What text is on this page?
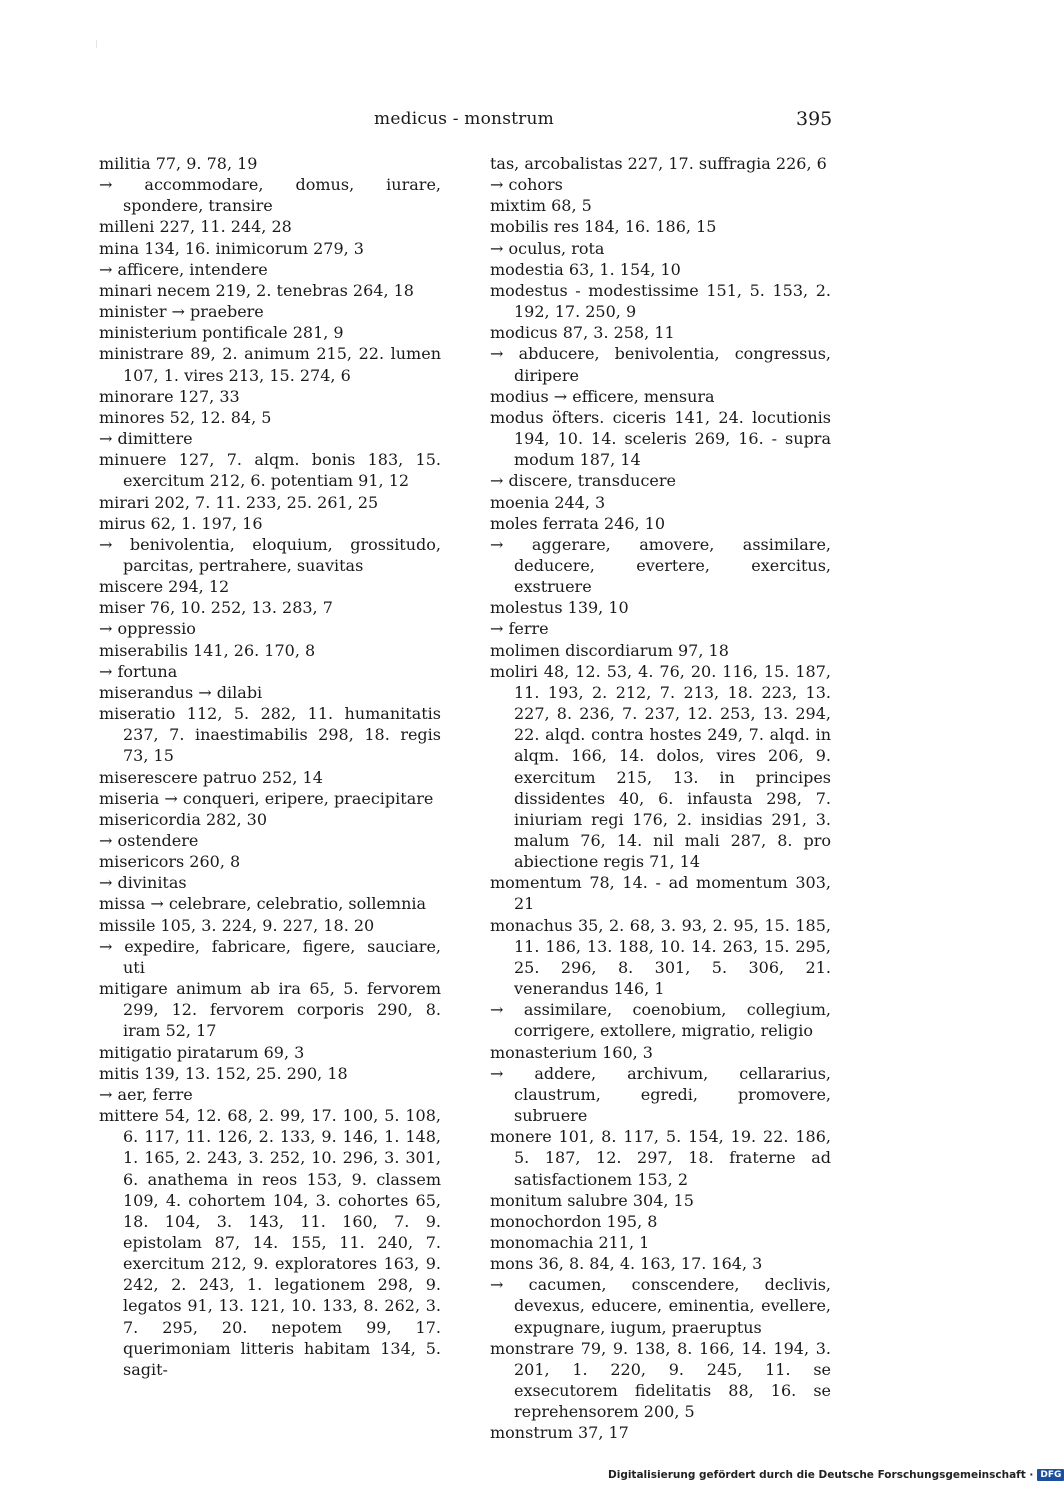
medicus - monstrum	395
militia 77, 9. 78, 19
→ accommodare, domus, iurare, spondere, transire
milleni 227, 11. 244, 28
mina 134, 16. inimicorum 279, 3
→ afficere, intendere
minari necem 219, 2. tenebras 264, 18
minister → praebere
ministerium pontificale 281, 9
ministrare 89, 2. animum 215, 22. lumen 107, 1. vires 213, 15. 274, 6
minorare 127, 33
minores 52, 12. 84, 5
→ dimittere
minuere 127, 7. alqm. bonis 183, 15. exercitum 212, 6. potentiam 91, 12
mirari 202, 7. 11. 233, 25. 261, 25
mirus 62, 1. 197, 16
→ benivolentia, eloquium, grossitudo, parcitas, pertrahere, suavitas
miscere 294, 12
miser 76, 10. 252, 13. 283, 7
→ oppressio
miserabilis 141, 26. 170, 8
→ fortuna
miserandus → dilabi
miseratio 112, 5. 282, 11. humanitatis 237, 7. inaestimabilis 298, 18. regis 73, 15
miserescere patruo 252, 14
miseria → conqueri, eripere, praecipitare
misericordia 282, 30
→ ostendere
misericors 260, 8
→ divinitas
missa → celebrare, celebratio, sollemnia
missile 105, 3. 224, 9. 227, 18. 20
→ expedire, fabricare, figere, sauciare, uti
mitigare animum ab ira 65, 5. fervorem 299, 12. fervorem corporis 290, 8. iram 52, 17
mitigatio piratarum 69, 3
mitis 139, 13. 152, 25. 290, 18
→ aer, ferre
mittere 54, 12. 68, 2. 99, 17. 100, 5. 108, 6. 117, 11. 126, 2. 133, 9. 146, 1. 148, 1. 165, 2. 243, 3. 252, 10. 296, 3. 301, 6. anathema in reos 153, 9. classem 109, 4. cohortem 104, 3. cohortes 65, 18. 104, 3. 143, 11. 160, 7. 9. epistolam 87, 14. 155, 11. 240, 7. exercitum 212, 9. exploratores 163, 9. 242, 2. 243, 1. legationem 298, 9. legatos 91, 13. 121, 10. 133, 8. 262, 3. 7. 295, 20. nepotem 99, 17. querimoniam litteris habitam 134, 5. sagit-
tas, arcobalistas 227, 17. suffragia 226, 6
→ cohors
mixtim 68, 5
mobilis res 184, 16. 186, 15
→ oculus, rota
modestia 63, 1. 154, 10
modestus - modestissime 151, 5. 153, 2. 192, 17. 250, 9
modicus 87, 3. 258, 11
→ abducere, benivolentia, congressus, diripere
modius → efficere, mensura
modus öfters. ciceris 141, 24. locutionis 194, 10. 14. sceleris 269, 16. - supra modum 187, 14
→ discere, transducere
moenia 244, 3
moles ferrata 246, 10
→ aggerare, amovere, assimilare, deducere, evertere, exercitus, exstruere
molestus 139, 10
→ ferre
molimen discordiarum 97, 18
moliri 48, 12. 53, 4. 76, 20. 116, 15. 187, 11. 193, 2. 212, 7. 213, 18. 223, 13. 227, 8. 236, 7. 237, 12. 253, 13. 294, 22. alqd. contra hostes 249, 7. alqd. in alqm. 166, 14. dolos, vires 206, 9. exercitum 215, 13. in principes dissidentes 40, 6. infausta 298, 7. iniuriam regi 176, 2. insidias 291, 3. malum 76, 14. nil mali 287, 8. pro abiectione regis 71, 14
momentum 78, 14. - ad momentum 303, 21
monachus 35, 2. 68, 3. 93, 2. 95, 15. 185, 11. 186, 13. 188, 10. 14. 263, 15. 295, 25. 296, 8. 301, 5. 306, 21. venerandus 146, 1
→ assimilare, coenobium, collegium, corrigere, extollere, migratio, religio
monasterium 160, 3
→ addere, archivum, cellararius, claustrum, egredi, promovere, subruere
monere 101, 8. 117, 5. 154, 19. 22. 186, 5. 187, 12. 297, 18. fraterne ad satisfactionem 153, 2
monitum salubre 304, 15
monochordon 195, 8
monomachia 211, 1
mons 36, 8. 84, 4. 163, 17. 164, 3
→ cacumen, conscendere, declivis, devexus, educere, eminentia, evellere, expugnare, iugum, praeruptus
monstrare 79, 9. 138, 8. 166, 14. 194, 3. 201, 1. 220, 9. 245, 11. se exsecutorem fidelitatis 88, 16. se reprehensorem 200, 5
monstrum 37, 17
Digitalisierung gefördert durch die Deutsche Forschungsgemeinschaft · DFG
